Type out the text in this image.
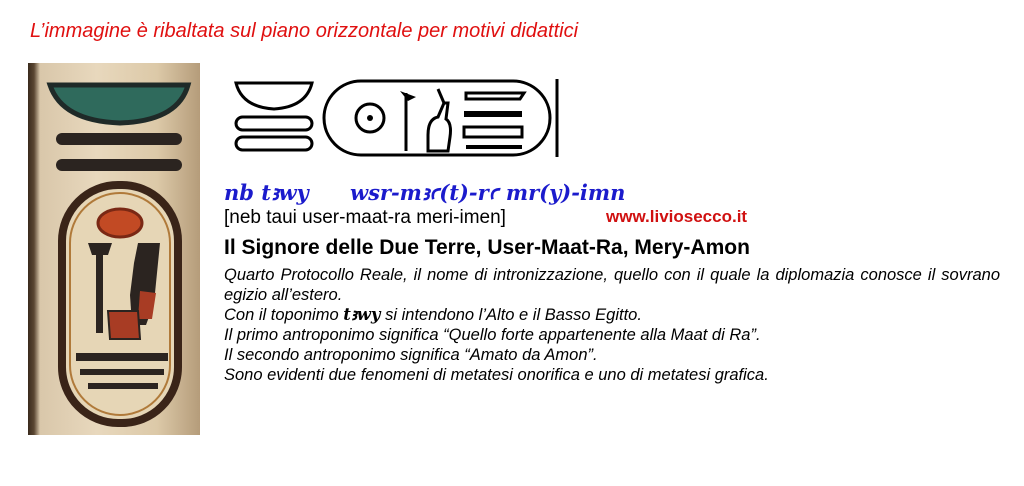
L’immagine è ribaltata sul piano orizzontale per motivi didattici
nb tꜣwy wsr-mꜣꜥ(t)-rꜥ mr(y)-imn
[neb taui user-maat-ra meri-imen]	www.liviosecco.it
Il Signore delle Due Terre, User-Maat-Ra, Mery-Amon

Quarto Protocollo Reale, il nome di intronizzazione, quello con il quale la diplomazia conosce il sovrano egizio all’estero.

Con il toponimo tꜣwy si intendono l’Alto e il Basso Egitto.

Il primo antroponimo significa “Quello forte appartenente alla Maat di Ra”.

Il secondo antroponimo significa “Amato da Amon”.

Sono evidenti due fenomeni di metatesi onorifica e uno di metatesi grafica.
